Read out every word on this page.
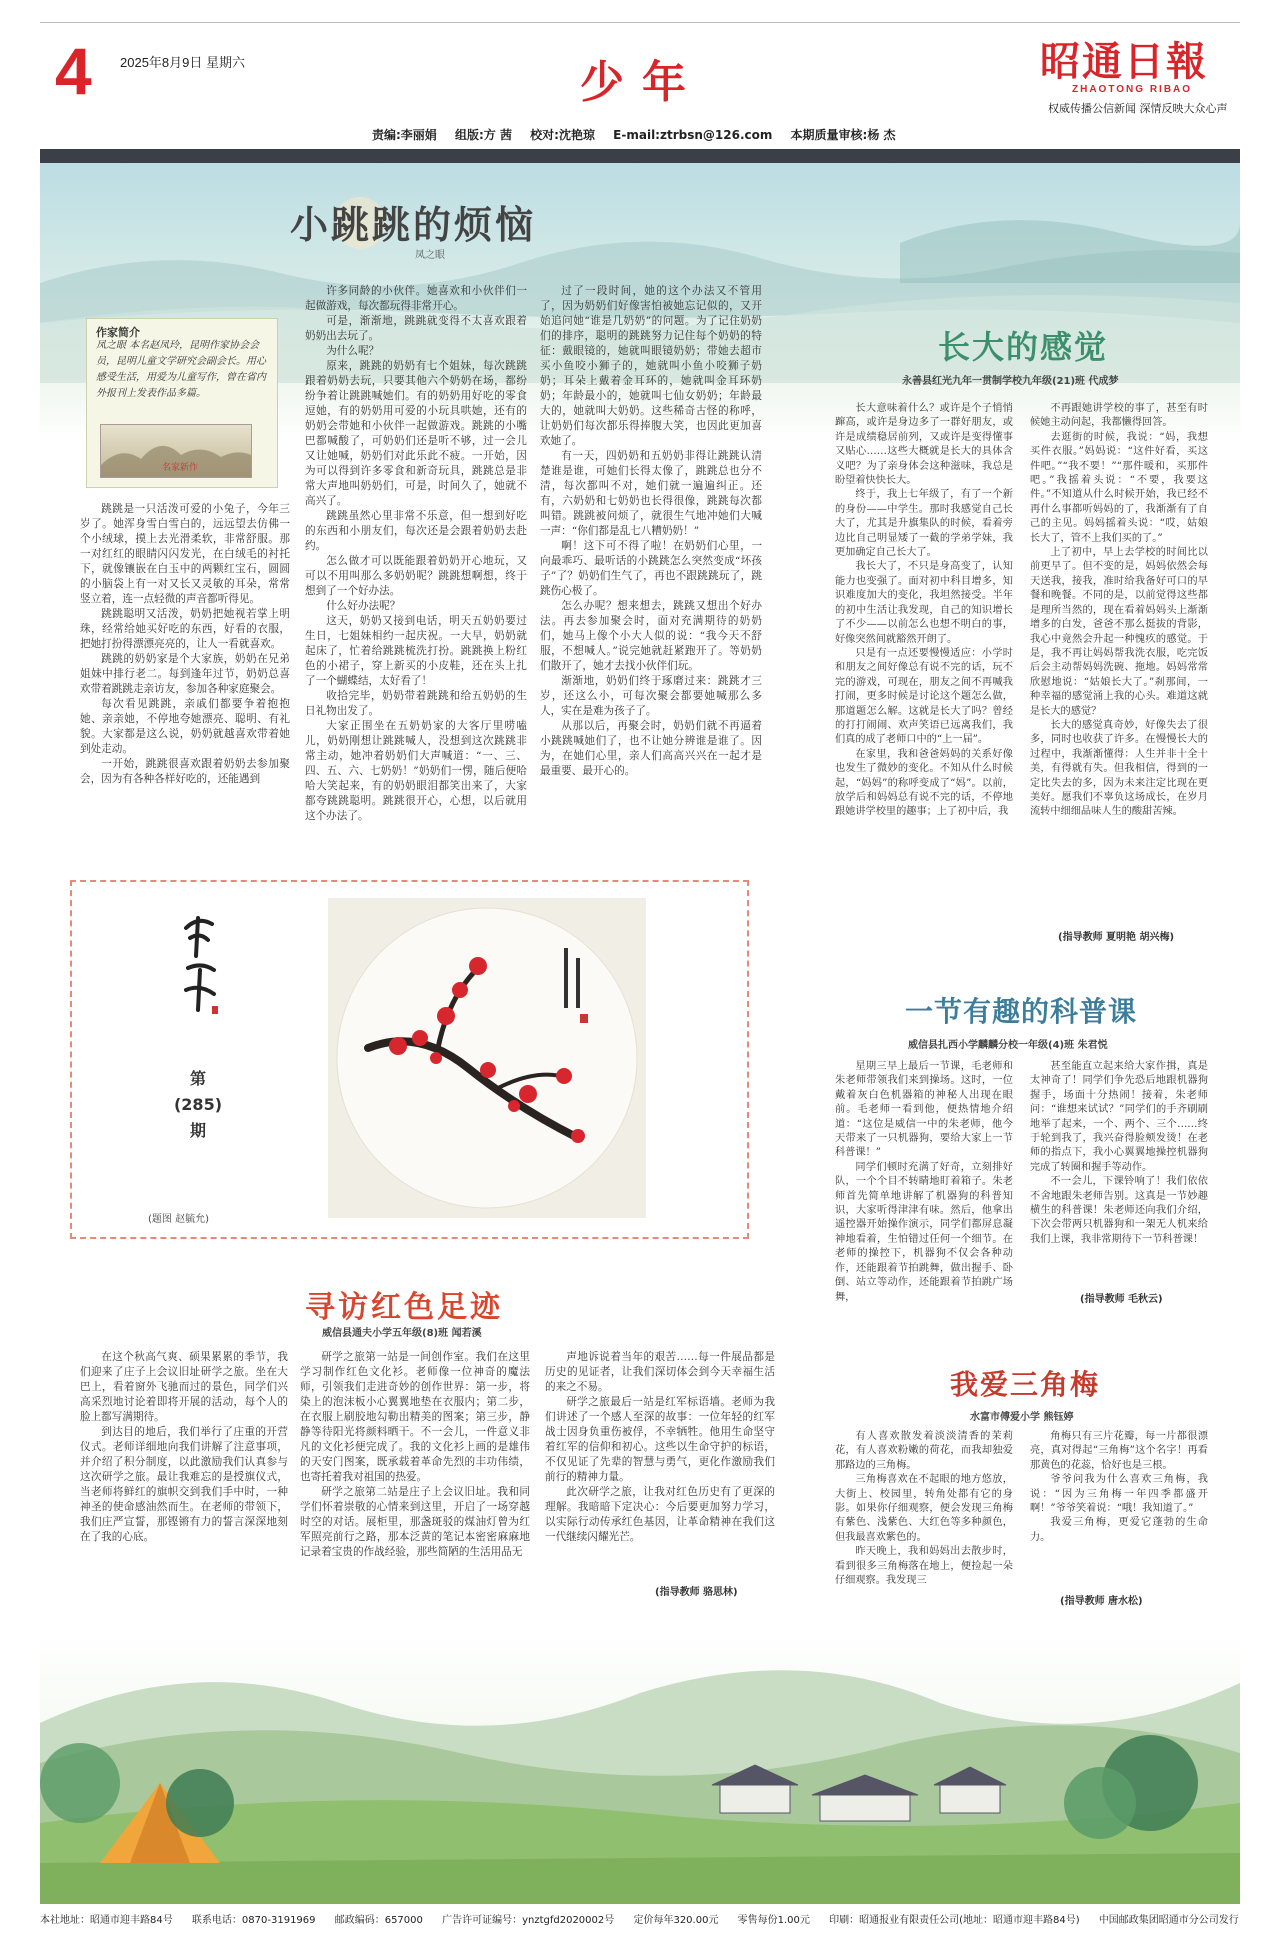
4 2025年8月9日 星期六	少年	昭通日報
ZHAOTONG RIBAO
权威传播公信新闻 深情反映大众心声
责编:李丽娟 组版:方 茜 校对:沈艳琼 E-mail:ztrbsn@126.com 本期质量审核:杨 杰
小跳跳的烦恼
凤之眼
作家简介
凤之眼 本名赵凤玲，昆明作家协会会员，昆明儿童文学研究会副会长。用心感受生活，用爱为儿童写作，曾在省内外报刊上发表作品多篇。
名家新作

跳跳是一只活泼可爱的小兔子，今年三岁了。她浑身雪白雪白的，远远望去仿佛一个小绒球，摸上去光滑柔软，非常舒服。那一对红红的眼睛闪闪发光，在白绒毛的衬托下，就像镶嵌在白玉中的两颗红宝石，圆圆的小脑袋上有一对又长又灵敏的耳朵，常常竖立着，连一点轻微的声音都听得见。

跳跳聪明又活泼，奶奶把她视若掌上明珠，经常给她买好吃的东西，好看的衣服，把她打扮得漂漂亮亮的，让人一看就喜欢。

跳跳的奶奶家是个大家族，奶奶在兄弟姐妹中排行老二。每到逢年过节，奶奶总喜欢带着跳跳走亲访友，参加各种家庭聚会。

每次看见跳跳，亲戚们都要争着抱抱她、亲亲她，不停地夸她漂亮、聪明、有礼貌。大家都是这么说，奶奶就越喜欢带着她到处走动。

一开始，跳跳很喜欢跟着奶奶去参加聚会，因为有各种各样好吃的，还能遇到

许多同龄的小伙伴。她喜欢和小伙伴们一起做游戏，每次都玩得非常开心。

可是，渐渐地，跳跳就变得不太喜欢跟着奶奶出去玩了。

为什么呢？

原来，跳跳的奶奶有七个姐妹，每次跳跳跟着奶奶去玩，只要其他六个奶奶在场，都纷纷争着让跳跳喊她们。有的奶奶用好吃的零食逗她，有的奶奶用可爱的小玩具哄她，还有的奶奶会带她和小伙伴一起做游戏。跳跳的小嘴巴都喊酸了，可奶奶们还是听不够，过一会儿又让她喊，奶奶们对此乐此不疲。一开始，因为可以得到许多零食和新奇玩具，跳跳总是非常大声地叫奶奶们，可是，时间久了，她就不高兴了。

跳跳虽然心里非常不乐意，但一想到好吃的东西和小朋友们，每次还是会跟着奶奶去赴约。

怎么做才可以既能跟着奶奶开心地玩，又可以不用叫那么多奶奶呢？跳跳想啊想，终于想到了一个好办法。

什么好办法呢？

这天，奶奶又接到电话，明天五奶奶要过生日，七姐妹相约一起庆祝。一大早，奶奶就起床了，忙着给跳跳梳洗打扮。跳跳换上粉红色的小裙子，穿上新买的小皮鞋，还在头上扎了一个蝴蝶结，太好看了！

收拾完毕，奶奶带着跳跳和给五奶奶的生日礼物出发了。

大家正围坐在五奶奶家的大客厅里唠嗑儿，奶奶刚想让跳跳喊人，没想到这次跳跳非常主动，她冲着奶奶们大声喊道：“一、三、四、五、六、七奶奶！”奶奶们一愣，随后便哈哈大笑起来，有的奶奶眼泪都笑出来了，大家都夸跳跳聪明。跳跳很开心，心想，以后就用这个办法了。

过了一段时间，她的这个办法又不管用了，因为奶奶们好像害怕被她忘记似的，又开始追问她“谁是几奶奶”的问题。为了记住奶奶们的排序，聪明的跳跳努力记住每个奶奶的特征：戴眼镜的，她就叫眼镜奶奶；带她去超市买小鱼咬小狮子的，她就叫小鱼小咬狮子奶奶；耳朵上戴着金耳环的，她就叫金耳环奶奶；年龄最小的，她就叫七仙女奶奶；年龄最大的，她就叫大奶奶。这些稀奇古怪的称呼，让奶奶们每次都乐得捧腹大笑，也因此更加喜欢她了。

有一天，四奶奶和五奶奶非得让跳跳认清楚谁是谁，可她们长得太像了，跳跳总也分不清，每次都叫不对，她们就一遍遍纠正。还有，六奶奶和七奶奶也长得很像，跳跳每次都叫错。跳跳被问烦了，就很生气地冲她们大喊一声：“你们都是乱七八糟奶奶！”

啊！这下可不得了啦！在奶奶们心里，一向最乖巧、最听话的小跳跳怎么突然变成“坏孩子”了？奶奶们生气了，再也不跟跳跳玩了，跳跳伤心极了。

怎么办呢？想来想去，跳跳又想出个好办法。再去参加聚会时，面对充满期待的奶奶们，她马上像个小大人似的说：“我今天不舒服，不想喊人。”说完她就赶紧跑开了。等奶奶们散开了，她才去找小伙伴们玩。

渐渐地，奶奶们终于琢磨过来：跳跳才三岁，还这么小，可每次聚会都要她喊那么多人，实在是难为孩子了。

从那以后，再聚会时，奶奶们就不再逼着小跳跳喊她们了，也不让她分辨谁是谁了。因为，在她们心里，亲人们高高兴兴在一起才是最重要、最开心的。

长大的感觉
永善县红光九年一贯制学校九年级(21)班 代成梦

长大意味着什么？或许是个子悄悄蹿高，或许是身边多了一群好朋友，或许是成绩稳居前列，又或许是变得懂事又贴心……这些大概就是长大的具体含义吧？为了亲身体会这种滋味，我总是盼望着快快长大。

终于，我上七年级了，有了一个新的身份——中学生。那时我感觉自己长大了，尤其是升旗集队的时候，看着旁边比自己明显矮了一截的学弟学妹，我更加确定自己长大了。

我长大了，不只是身高变了，认知能力也变强了。面对初中科目增多，知识难度加大的变化，我坦然接受。半年的初中生活让我发现，自己的知识增长了不少——以前怎么也想不明白的事，好像突然间就豁然开朗了。

只是有一点还要慢慢适应：小学时和朋友之间好像总有说不完的话，玩不完的游戏，可现在，朋友之间不再喊我打闹，更多时候是讨论这个题怎么做，那道题怎么解。这就是长大了吗？曾经的打打闹闹、欢声笑语已远离我们，我们真的成了老师口中的“上一届”。

在家里，我和爸爸妈妈的关系好像也发生了微妙的变化。不知从什么时候起，“妈妈”的称呼变成了“妈”。以前，放学后和妈妈总有说不完的话，不停地跟她讲学校里的趣事；上了初中后，我

不再跟她讲学校的事了，甚至有时候她主动问起，我都懒得回答。

去逛街的时候，我说：“妈，我想买件衣服。”妈妈说：“这件好看，买这件吧。”“我不要！”“那件暖和，买那件吧。”我摇着头说：“不要，我要这件。”不知道从什么时候开始，我已经不再什么事都听妈妈的了，我渐渐有了自己的主见。妈妈摇着头说：“哎，姑娘长大了，管不上我们买的了。”

上了初中，早上去学校的时间比以前更早了。但不变的是，妈妈依然会每天送我，接我，准时给我备好可口的早餐和晚餐。不同的是，以前觉得这些都是理所当然的，现在看着妈妈头上渐渐增多的白发，爸爸不那么挺拔的背影，我心中竟然会升起一种愧疚的感觉。于是，我不再让妈妈帮我洗衣服，吃完饭后会主动帮妈妈洗碗、拖地。妈妈常常欣慰地说：“姑娘长大了。”刹那间，一种幸福的感觉涌上我的心头。难道这就是长大的感觉？

长大的感觉真奇妙，好像失去了很多，同时也收获了许多。在慢慢长大的过程中，我渐渐懂得：人生并非十全十美，有得就有失。但我相信，得到的一定比失去的多，因为未来注定比现在更美好。愿我们不辜负这场成长，在岁月流转中细细品味人生的酸甜苦辣。

(指导教师 夏明艳 胡兴梅)
第
(285)
期
(题图 赵毓允)
一节有趣的科普课
威信县扎西小学麟麟分校一年级(4)班 朱君悦

星期三早上最后一节课，毛老师和朱老师带领我们来到操场。这时，一位戴着灰白色机器箱的神秘人出现在眼前。毛老师一看到他，便热情地介绍道：“这位是威信一中的朱老师，他今天带来了一只机器狗，要给大家上一节科普课！”

同学们顿时充满了好奇，立刻排好队，一个个目不转睛地盯着箱子。朱老师首先简单地讲解了机器狗的科普知识，大家听得津津有味。然后，他拿出遥控器开始操作演示，同学们都屏息凝神地看着，生怕错过任何一个细节。在老师的操控下，机器狗不仅会各种动作，还能跟着节拍跳舞，做出握手、卧倒、站立等动作，还能跟着节拍跳广场舞，

甚至能直立起来给大家作揖，真是太神奇了！同学们争先恐后地跟机器狗握手，场面十分热闹！接着，朱老师问：“谁想来试试？”同学们的手齐刷刷地举了起来，一个、两个、三个……终于轮到我了，我兴奋得脸颊发烫！在老师的指点下，我小心翼翼地操控机器狗完成了转圈和握手等动作。

不一会儿，下课铃响了！我们依依不舍地跟朱老师告别。这真是一节妙趣横生的科普课！朱老师还向我们介绍，下次会带两只机器狗和一架无人机来给我们上课，我非常期待下一节科普课！

(指导教师 毛秋云)
寻访红色足迹
威信县通夫小学五年级(8)班 闻若溪

在这个秋高气爽、硕果累累的季节，我们迎来了庄子上会议旧址研学之旅。坐在大巴上，看着窗外飞驰而过的景色，同学们兴高采烈地讨论着即将开展的活动，每个人的脸上都写满期待。

到达目的地后，我们举行了庄重的开营仪式。老师详细地向我们讲解了注意事项，并介绍了积分制度，以此激励我们认真参与这次研学之旅。最让我难忘的是授旗仪式，当老师将鲜红的旗帜交到我们手中时，一种神圣的使命感油然而生。在老师的带领下，我们庄严宣誓，那铿锵有力的誓言深深地刻在了我的心底。

研学之旅第一站是一间创作室。我们在这里学习制作红色文化衫。老师像一位神奇的魔法师，引领我们走进奇妙的创作世界：第一步，将染上的泡沫板小心翼翼地垫在衣服内；第二步，在衣服上刷胶地勾勒出精美的图案；第三步，静静等待阳光将颜料晒干。不一会儿，一件意义非凡的文化衫便完成了。我的文化衫上画的是雄伟的天安门图案，既承载着革命先烈的丰功伟绩，也寄托着我对祖国的热爱。

研学之旅第二站是庄子上会议旧址。我和同学们怀着崇敬的心情来到这里，开启了一场穿越时空的对话。展柜里，那盏斑驳的煤油灯曾为红军照亮前行之路，那本泛黄的笔记本密密麻麻地记录着宝贵的作战经验，那些简陋的生活用品无

声地诉说着当年的艰苦……每一件展品都是历史的见证者，让我们深切体会到今天幸福生活的来之不易。

研学之旅最后一站是红军标语墙。老师为我们讲述了一个感人至深的故事：一位年轻的红军战士因身负重伤被俘，不幸牺牲。他用生命坚守着红军的信仰和初心。这些以生命守护的标语，不仅见证了先辈的智慧与勇气，更化作激励我们前行的精神力量。

此次研学之旅，让我对红色历史有了更深的理解。我暗暗下定决心：今后要更加努力学习，以实际行动传承红色基因，让革命精神在我们这一代继续闪耀光芒。

(指导教师 骆思林)
我爱三角梅
水富市傅爱小学 熊钰婷

有人喜欢散发着淡淡清香的茉莉花，有人喜欢粉嫩的荷花，而我却独爱那路边的三角梅。

三角梅喜欢在不起眼的地方悠放，大街上、校园里，转角处都有它的身影。如果你仔细观察，便会发现三角梅有紫色、浅紫色、大红色等多种颜色，但我最喜欢紫色的。

昨天晚上，我和妈妈出去散步时，看到很多三角梅落在地上，便捡起一朵仔细观察。我发现三

角梅只有三片花瓣，每一片都很漂亮，真对得起“三角梅”这个名字！再看那黄色的花蕊，恰好也是三根。

爷爷问我为什么喜欢三角梅，我说：“因为三角梅一年四季都盛开啊！”爷爷笑着说：“哦！我知道了。”

我爱三角梅，更爱它蓬勃的生命力。

(指导教师 唐水松)
本社地址：昭通市迎丰路84号 联系电话：0870-3191969 邮政编码：657000 广告许可证编号：ynztgfd2020002号 定价每年320.00元 零售每份1.00元 印刷：昭通报业有限责任公司(地址：昭通市迎丰路84号) 中国邮政集团昭通市分公司发行
